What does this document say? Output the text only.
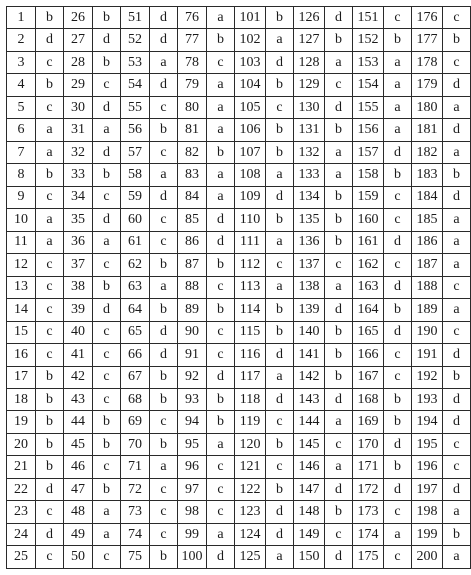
1	b	26	b	51	d	76	a	101	b	126	d	151	c	176	c
2	d	27	d	52	d	77	b	102	a	127	b	152	b	177	b
3	c	28	b	53	a	78	c	103	d	128	a	153	a	178	c
4	b	29	c	54	d	79	a	104	b	129	c	154	a	179	d
5	c	30	d	55	c	80	a	105	c	130	d	155	a	180	a
6	a	31	a	56	b	81	a	106	b	131	b	156	a	181	d
7	a	32	d	57	c	82	b	107	b	132	a	157	d	182	a
8	b	33	b	58	a	83	a	108	a	133	a	158	b	183	b
9	c	34	c	59	d	84	a	109	d	134	b	159	c	184	d
10	a	35	d	60	c	85	d	110	b	135	b	160	c	185	a
11	a	36	a	61	c	86	d	111	a	136	b	161	d	186	a
12	c	37	c	62	b	87	b	112	c	137	c	162	c	187	a
13	c	38	b	63	a	88	c	113	a	138	a	163	d	188	c
14	c	39	d	64	b	89	b	114	b	139	d	164	b	189	a
15	c	40	c	65	d	90	c	115	b	140	b	165	d	190	c
16	c	41	c	66	d	91	c	116	d	141	b	166	c	191	d
17	b	42	c	67	b	92	d	117	a	142	b	167	c	192	b
18	b	43	c	68	b	93	b	118	d	143	d	168	b	193	d
19	b	44	b	69	c	94	b	119	c	144	a	169	b	194	d
20	b	45	b	70	b	95	a	120	b	145	c	170	d	195	c
21	b	46	c	71	a	96	c	121	c	146	a	171	b	196	c
22	d	47	b	72	c	97	c	122	b	147	d	172	d	197	d
23	c	48	a	73	c	98	c	123	d	148	b	173	c	198	a
24	d	49	a	74	c	99	a	124	d	149	c	174	a	199	b
25	c	50	c	75	b	100	d	125	a	150	d	175	c	200	a
